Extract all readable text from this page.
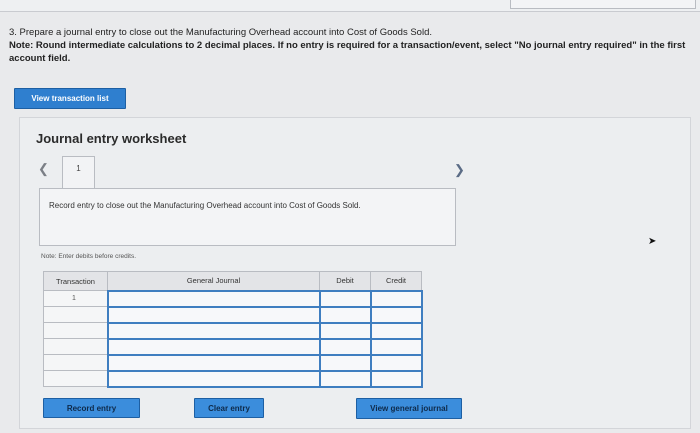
3. Prepare a journal entry to close out the Manufacturing Overhead account into Cost of Goods Sold.
Note: Round intermediate calculations to 2 decimal places. If no entry is required for a transaction/event, select "No journal entry required" in the first account field.
View transaction list
Journal entry worksheet
❮	1	❯
Record entry to close out the Manufacturing Overhead account into Cost of Goods Sold.
Note: Enter debits before credits.
➤
Transaction	General Journal	Debit	Credit
1			

Record entry	Clear entry	View general journal
